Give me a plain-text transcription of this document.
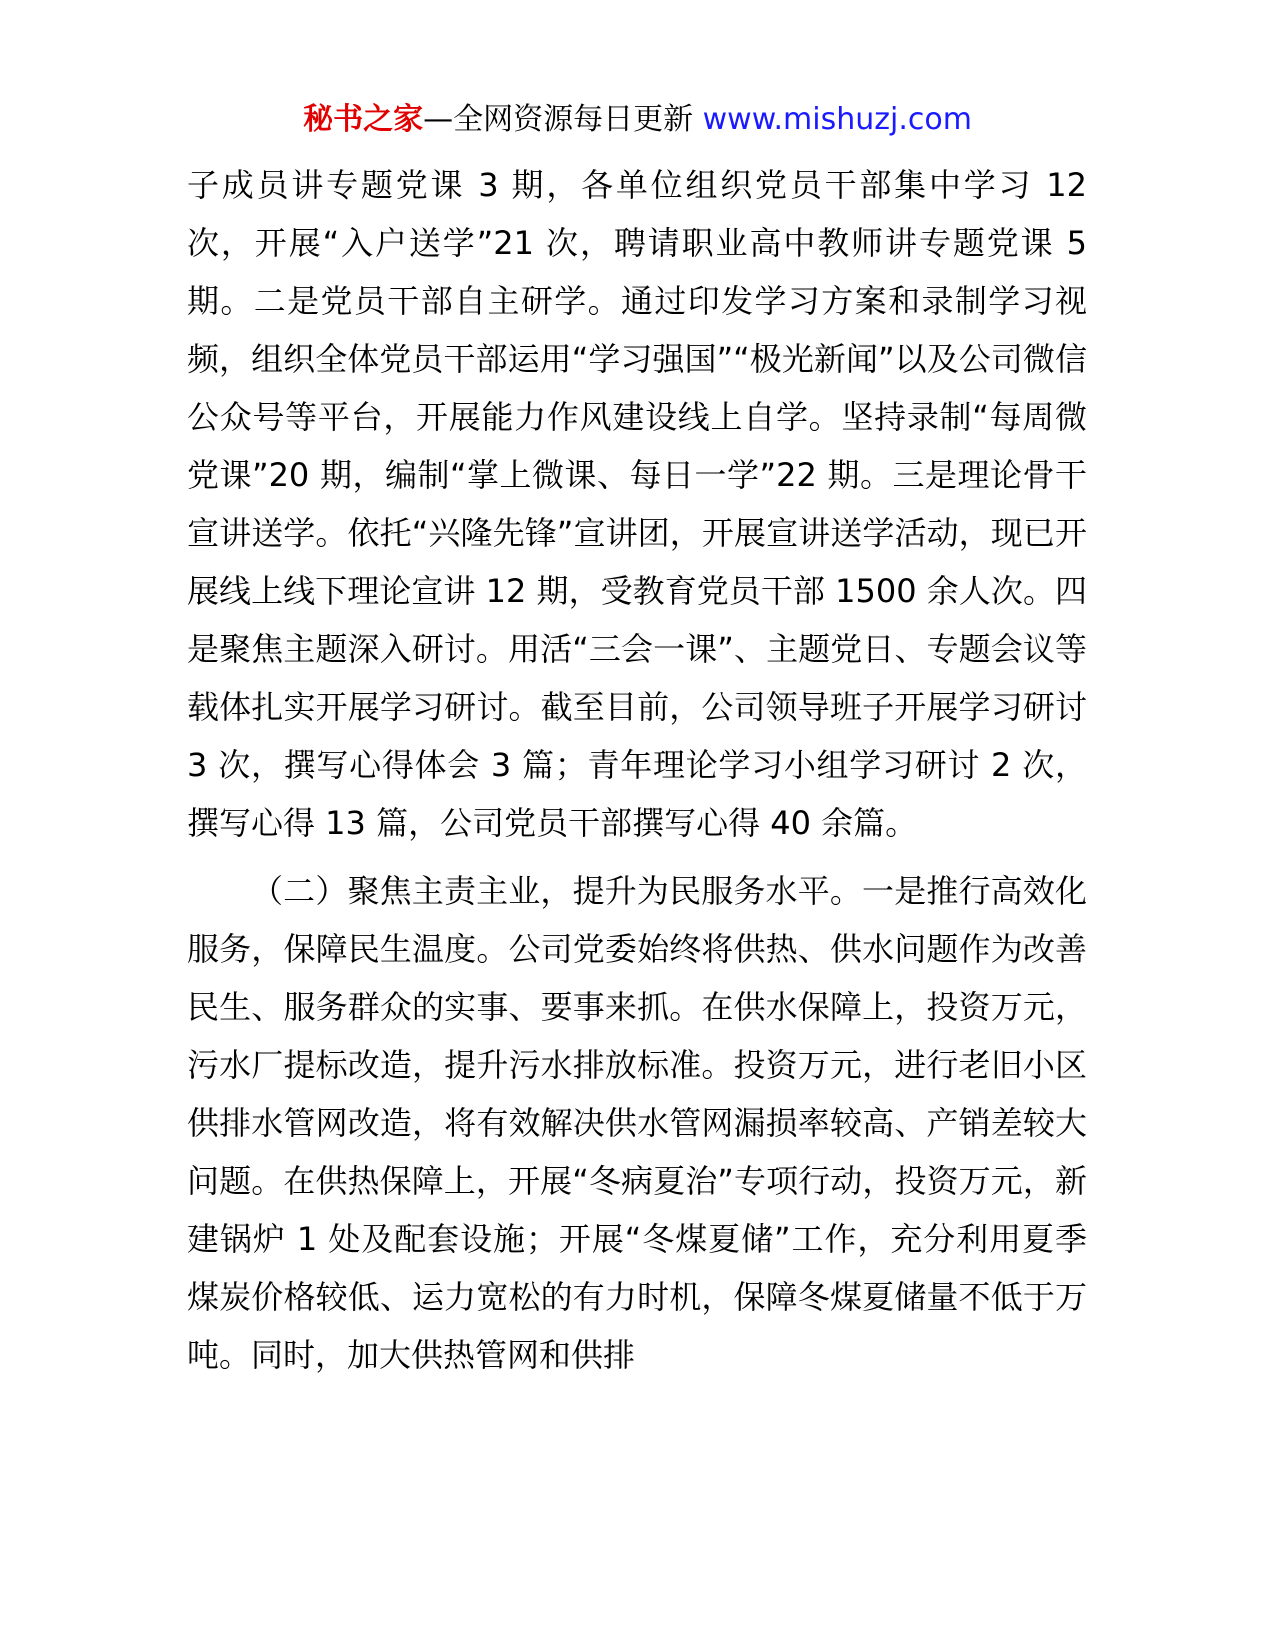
秘书之家—全网资源每日更新 www.mishuzj.com

子成员讲专题党课 3 期，各单位组织党员干部集中学习 12 次，开展“入户送学”21 次，聘请职业高中教师讲专题党课 5 期。二是党员干部自主研学。通过印发学习方案和录制学习视频，组织全体党员干部运用“学习强国”“极光新闻”以及公司微信公众号等平台，开展能力作风建设线上自学。坚持录制“每周微党课”20 期，编制“掌上微课、每日一学”22 期。三是理论骨干宣讲送学。依托“兴隆先锋”宣讲团，开展宣讲送学活动，现已开展线上线下理论宣讲 12 期，受教育党员干部 1500 余人次。四是聚焦主题深入研讨。用活“三会一课”、主题党日、专题会议等载体扎实开展学习研讨。截至目前，公司领导班子开展学习研讨 3 次，撰写心得体会 3 篇；青年理论学习小组学习研讨 2 次，撰写心得 13 篇，公司党员干部撰写心得 40 余篇。

（二）聚焦主责主业，提升为民服务水平。一是推行高效化服务，保障民生温度。公司党委始终将供热、供水问题作为改善民生、服务群众的实事、要事来抓。在供水保障上，投资万元，污水厂提标改造，提升污水排放标准。投资万元，进行老旧小区供排水管网改造，将有效解决供水管网漏损率较高、产销差较大问题。在供热保障上，开展“冬病夏治”专项行动，投资万元，新建锅炉 1 处及配套设施；开展“冬煤夏储”工作，充分利用夏季煤炭价格较低、运力宽松的有力时机，保障冬煤夏储量不低于万吨。同时，加大供热管网和供排
